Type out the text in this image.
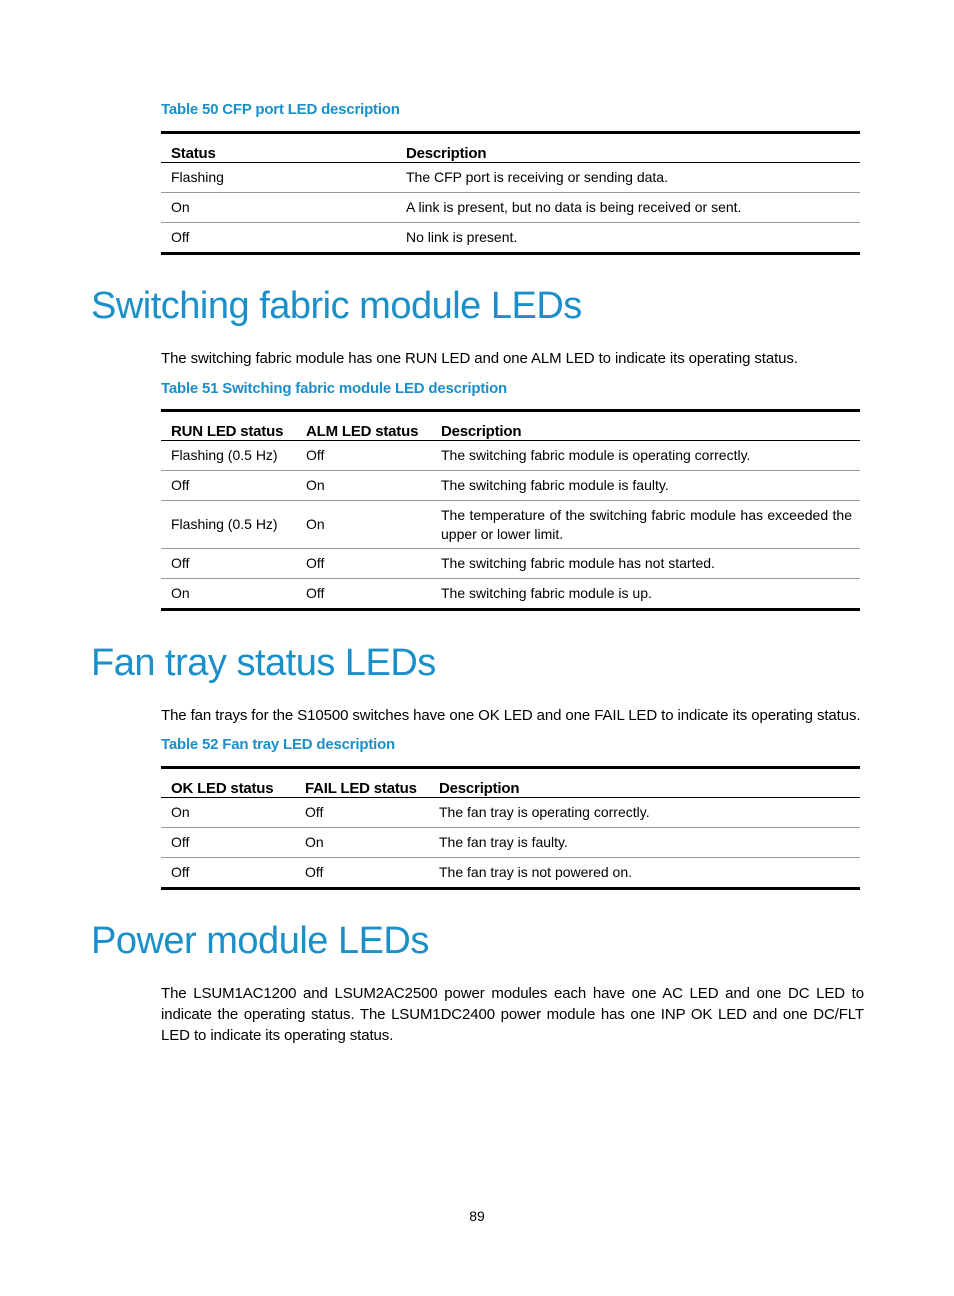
Table 50 CFP port LED description
Status	Description
Flashing	The CFP port is receiving or sending data.
On	A link is present, but no data is being received or sent.
Off	No link is present.
Switching fabric module LEDs
The switching fabric module has one RUN LED and one ALM LED to indicate its operating status.
Table 51 Switching fabric module LED description
RUN LED status	ALM LED status	Description
Flashing (0.5 Hz)	Off	The switching fabric module is operating correctly.
Off	On	The switching fabric module is faulty.
Flashing (0.5 Hz)	On	The temperature of the switching fabric module has exceeded the upper or lower limit.
Off	Off	The switching fabric module has not started.
On	Off	The switching fabric module is up.
Fan tray status LEDs
The fan trays for the S10500 switches have one OK LED and one FAIL LED to indicate its operating status.
Table 52 Fan tray LED description
OK LED status	FAIL LED status	Description
On	Off	The fan tray is operating correctly.
Off	On	The fan tray is faulty.
Off	Off	The fan tray is not powered on.
Power module LEDs
The LSUM1AC1200 and LSUM2AC2500 power modules each have one AC LED and one DC LED to indicate the operating status. The LSUM1DC2400 power module has one INP OK LED and one DC/FLT LED to indicate its operating status.
89
